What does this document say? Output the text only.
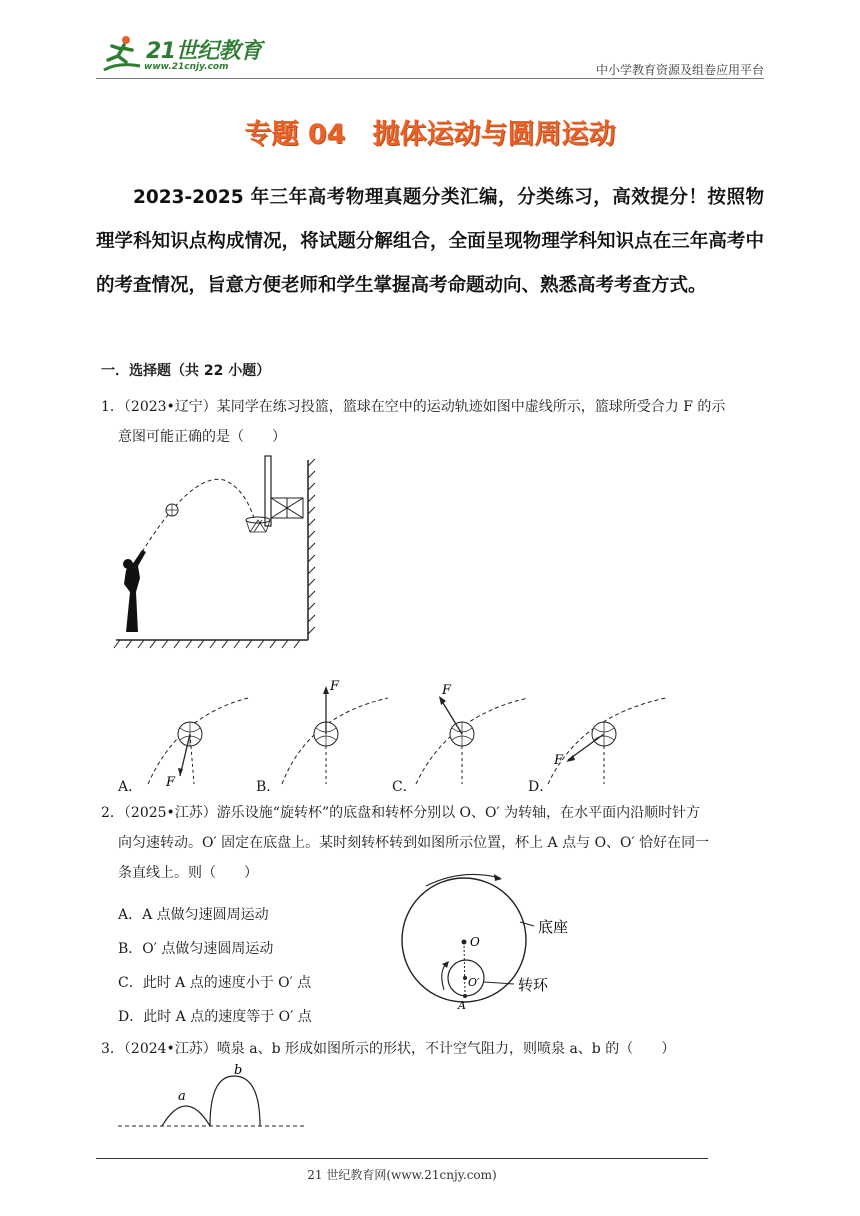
21世纪教育
www.21cnjy.com	中小学教育资源及组卷应用平台
专题 04　抛体运动与圆周运动
2023-2025 年三年高考物理真题分类汇编，分类练习，高效提分！按照物理学科知识点构成情况，将试题分解组合，全面呈现物理学科知识点在三年高考中的考查情况，旨意方便老师和学生掌握高考命题动向、熟悉高考考查方式。
一．选择题（共 22 小题）
1．（2023•辽宁）某同学在练习投篮，篮球在空中的运动轨迹如图中虚线所示，篮球所受合力 F 的示
意图可能正确的是（　　）
F
F	F
F
A．	B．	C．	D．
2．（2025•江苏）游乐设施“旋转杯”的底盘和转杯分别以 O、O′ 为转轴，在水平面内沿顺时针方
向匀速转动。O′ 固定在底盘上。某时刻转杯转到如图所示位置，杯上 A 点与 O、O′ 恰好在同一
条直线上。则（　　）
A．A 点做匀速圆周运动
B．O′ 点做匀速圆周运动
C．此时 A 点的速度小于 O′ 点
D．此时 A 点的速度等于 O′ 点
底座
O
O′
A
转环
3．（2024•江苏）喷泉 a、b 形成如图所示的形状，不计空气阻力，则喷泉 a、b 的（　　）
a
b
21 世纪教育网(www.21cnjy.com)
